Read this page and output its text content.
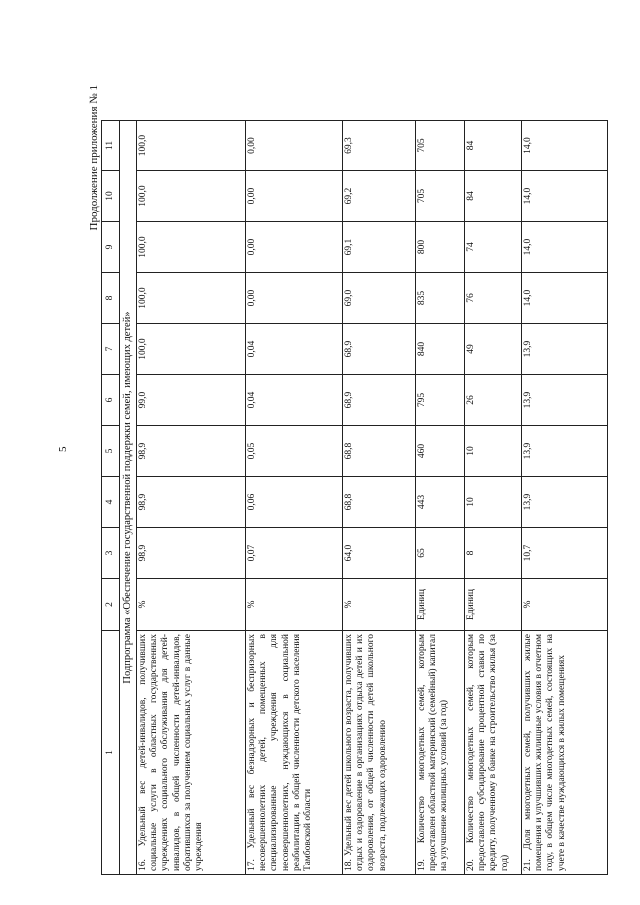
5
Продолжение приложения № 1
1	2	3	4	5	6	7	8	9	10	11
Подпрограмма «Обеспечение государственной поддержки семей, имеющих детей»										
16. Удельный вес детей-инвалидов, получивших социальные услуги в областных государственных учреждениях социального обслуживания для детей-инвалидов, в общей численности детей-инвалидов, обратившихся за получением социальных услуг в данные учреждения	%	98,9	98,9	98,9	99,0	100,0	100,0	100,0	100,0	100,0
17. Удельный вес безнадзорных и беспризорных несовершеннолетних детей, помещенных в специализированные учреждения для несовершеннолетних, нуждающихся в социальной реабилитации, в общей численности детского населения Тамбовской области	%	0,07	0,06	0,05	0,04	0,04	0,00	0,00	0,00	0,00
18. Удельный вес детей школьного возраста, получивших отдых и оздоровление в организациях отдыха детей и их оздоровления, от общей численности детей школьного возраста, подлежащих оздоровлению	%	64,0	68,8	68,8	68,9	68,9	69,0	69,1	69,2	69,3
19. Количество многодетных семей, которым предоставлен областной материнский (семейный) капитал на улучшение жилищных условий (за год)	Единиц	65	443	460	795	840	835	800	705	705
20. Количество многодетных семей, которым предоставлено субсидирование процентной ставки по кредиту, полученному в банке на строительство жилья (за год)	Единиц	8	10	10	26	49	76	74	84	84
21. Доля многодетных семей, получивших жилые помещения и улучшивших жилищные условия в отчетном году, в общем числе многодетных семей, состоящих на учете в качестве нуждающихся в жилых помещениях	%	10,7	13,9	13,9	13,9	13,9	14,0	14,0	14,0	14,0
